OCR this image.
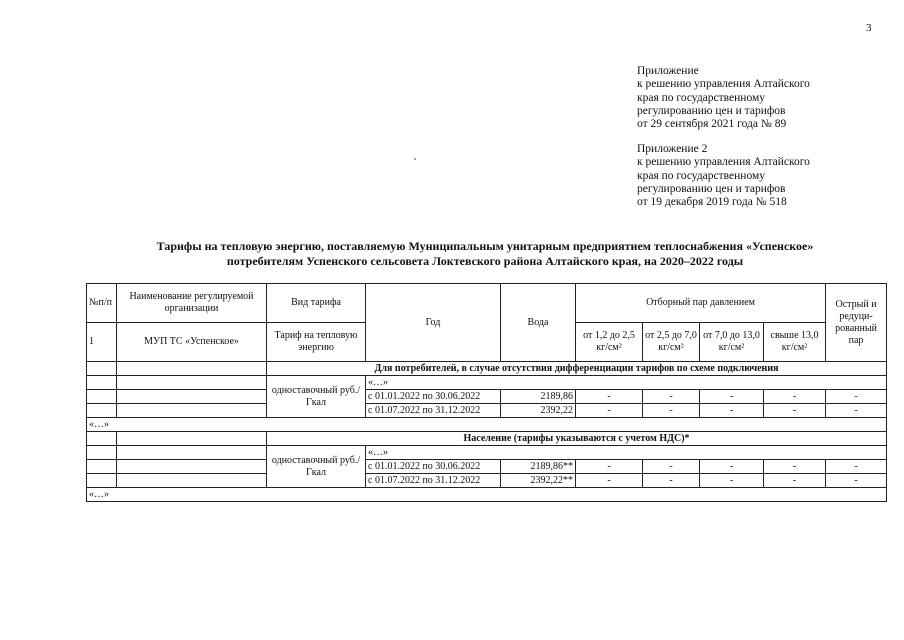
3
Приложение
к решению управления Алтайского
края по государственному
регулированию цен и тарифов
от 29 сентября 2021 года № 89
Приложение 2
к решению управления Алтайского
края по государственному
регулированию цен и тарифов
от 19 декабря 2019 года № 518
Тарифы на тепловую энергию, поставляемую Муниципальным унитарным предприятием теплоснабжения «Успенское»
потребителям Успенского сельсовета Локтевского района Алтайского края, на 2020–2022 годы
№п/п	Наименование регулируемой организации	Вид тарифа	Год	Вода	Отборный пар давлением				Острый и редуци-рованный пар
1	МУП ТС «Успенское»	Тариф на тепловую энергию			от 1,2 до 2,5 кг/см²	от 2,5 до 7,0 кг/см²	от 7,0 до 13,0 кг/см²	свыше 13,0 кг/см²	
		Для потребителей, в случае отсутствия дифференциации тарифов по схеме подключения							
		одноставочный руб./Гкал	«…»						
			с 01.01.2022 по 30.06.2022	2189,86	-	-	-	-	-
			с 01.07.2022 по 31.12.2022	2392,22	-	-	-	-	-
«…»									
		Население (тарифы указываются с учетом НДС)*							
		одноставочный руб./Гкал	«…»						
			с 01.01.2022 по 30.06.2022	2189,86**	-	-	-	-	-
			с 01.07.2022 по 31.12.2022	2392,22**	-	-	-	-	-
«…»									
